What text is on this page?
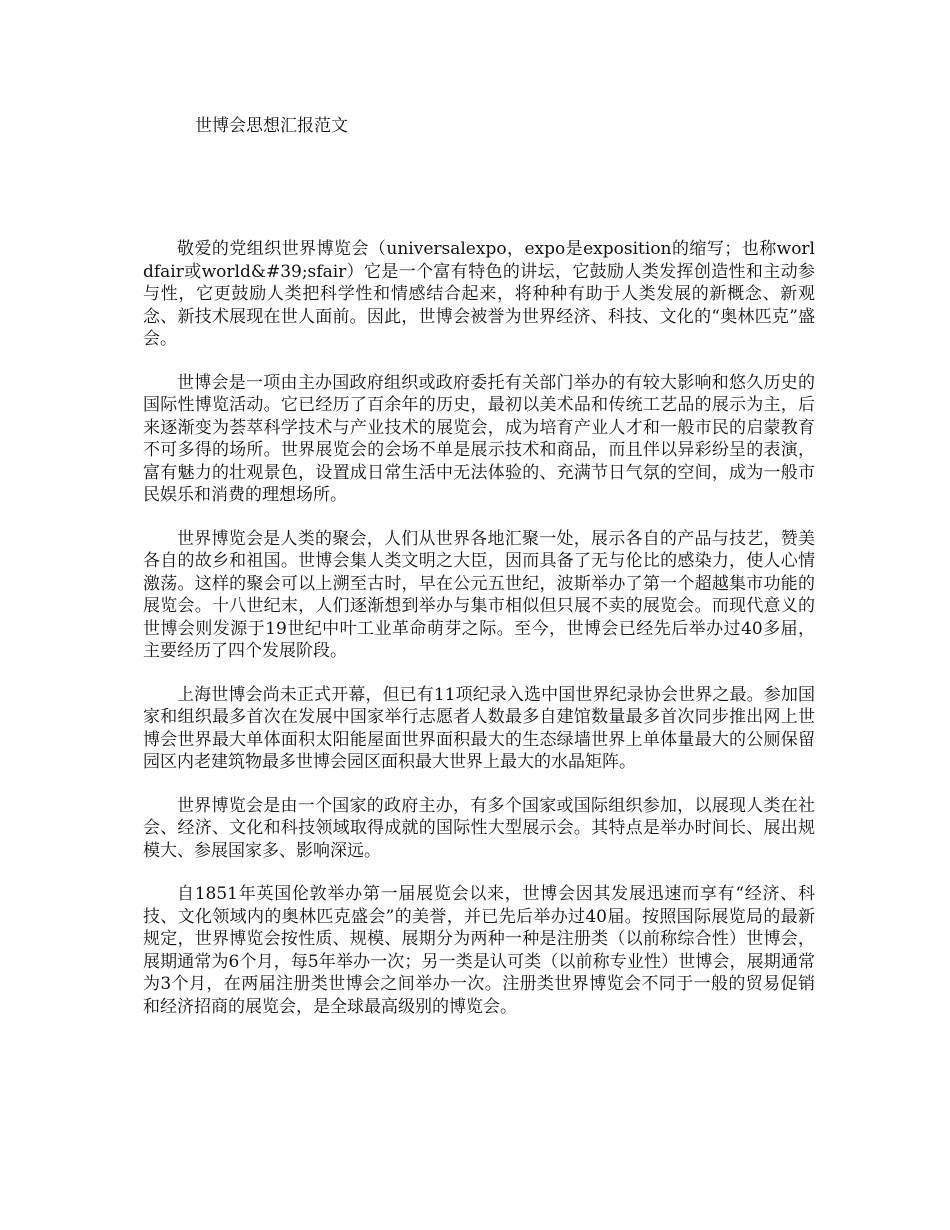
世博会思想汇报范文

敬爱的党组织世界博览会（universalexpo，expo是exposition的缩写；也称worldfair或world&#39;sfair）它是一个富有特色的讲坛，它鼓励人类发挥创造性和主动参与性，它更鼓励人类把科学性和情感结合起来，将种种有助于人类发展的新概念、新观念、新技术展现在世人面前。因此，世博会被誉为世界经济、科技、文化的“奥林匹克”盛会。

世博会是一项由主办国政府组织或政府委托有关部门举办的有较大影响和悠久历史的国际性博览活动。它已经历了百余年的历史，最初以美术品和传统工艺品的展示为主，后来逐渐变为荟萃科学技术与产业技术的展览会，成为培育产业人才和一般市民的启蒙教育不可多得的场所。世界展览会的会场不单是展示技术和商品，而且伴以异彩纷呈的表演，富有魅力的壮观景色，设置成日常生活中无法体验的、充满节日气氛的空间，成为一般市民娱乐和消费的理想场所。

世界博览会是人类的聚会，人们从世界各地汇聚一处，展示各自的产品与技艺，赞美各自的故乡和祖国。世博会集人类文明之大臣，因而具备了无与伦比的感染力，使人心情激荡。这样的聚会可以上溯至古时，早在公元五世纪，波斯举办了第一个超越集市功能的展览会。十八世纪末，人们逐渐想到举办与集市相似但只展不卖的展览会。而现代意义的世博会则发源于19世纪中叶工业革命萌芽之际。至今，世博会已经先后举办过40多届，主要经历了四个发展阶段。

上海世博会尚未正式开幕，但已有11项纪录入选中国世界纪录协会世界之最。参加国家和组织最多首次在发展中国家举行志愿者人数最多自建馆数量最多首次同步推出网上世博会世界最大单体面积太阳能屋面世界面积最大的生态绿墙世界上单体量最大的公厕保留园区内老建筑物最多世博会园区面积最大世界上最大的水晶矩阵。

世界博览会是由一个国家的政府主办，有多个国家或国际组织参加，以展现人类在社会、经济、文化和科技领域取得成就的国际性大型展示会。其特点是举办时间长、展出规模大、参展国家多、影响深远。

自1851年英国伦敦举办第一届展览会以来，世博会因其发展迅速而享有“经济、科技、文化领域内的奥林匹克盛会”的美誉，并已先后举办过40届。按照国际展览局的最新规定，世界博览会按性质、规模、展期分为两种一种是注册类（以前称综合性）世博会，展期通常为6个月，每5年举办一次；另一类是认可类（以前称专业性）世博会，展期通常为3个月，在两届注册类世博会之间举办一次。注册类世界博览会不同于一般的贸易促销和经济招商的展览会，是全球最高级别的博览会。
